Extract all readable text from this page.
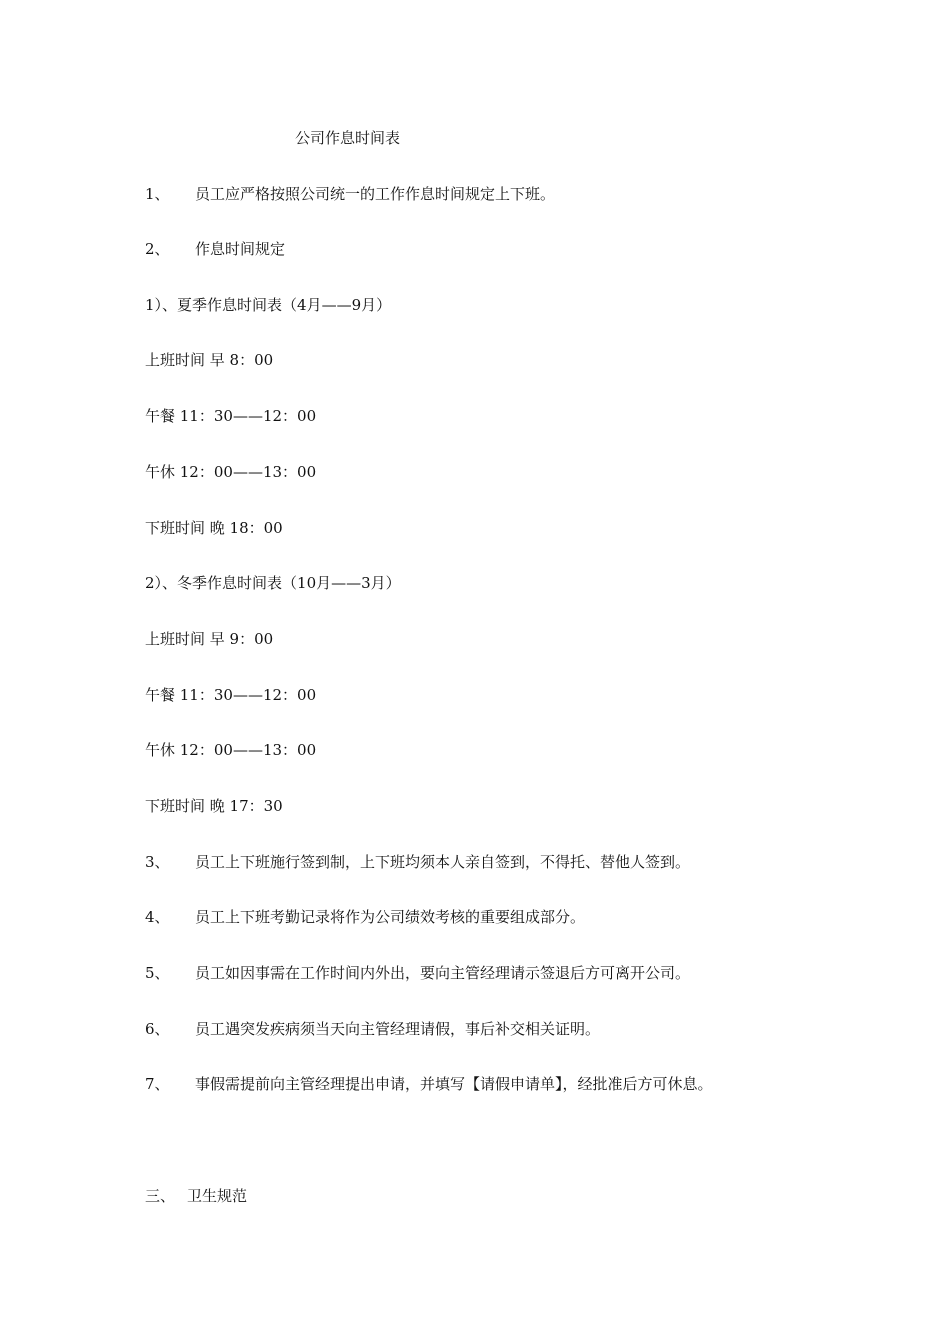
公司作息时间表
1、 员工应严格按照公司统一的工作作息时间规定上下班。
2、 作息时间规定
1）、夏季作息时间表（4月——9月）
上班时间 早 8：00
午餐 11：30——12：00
午休 12：00——13：00
下班时间 晚 18：00
2）、冬季作息时间表（10月——3月）
上班时间 早 9：00
午餐 11：30——12：00
午休 12：00——13：00
下班时间 晚 17：30
3、 员工上下班施行签到制，上下班均须本人亲自签到，不得托、替他人签到。
4、 员工上下班考勤记录将作为公司绩效考核的重要组成部分。
5、 员工如因事需在工作时间内外出，要向主管经理请示签退后方可离开公司。
6、 员工遇突发疾病须当天向主管经理请假，事后补交相关证明。
7、 事假需提前向主管经理提出申请，并填写【请假申请单】，经批准后方可休息。
三、 卫生规范
